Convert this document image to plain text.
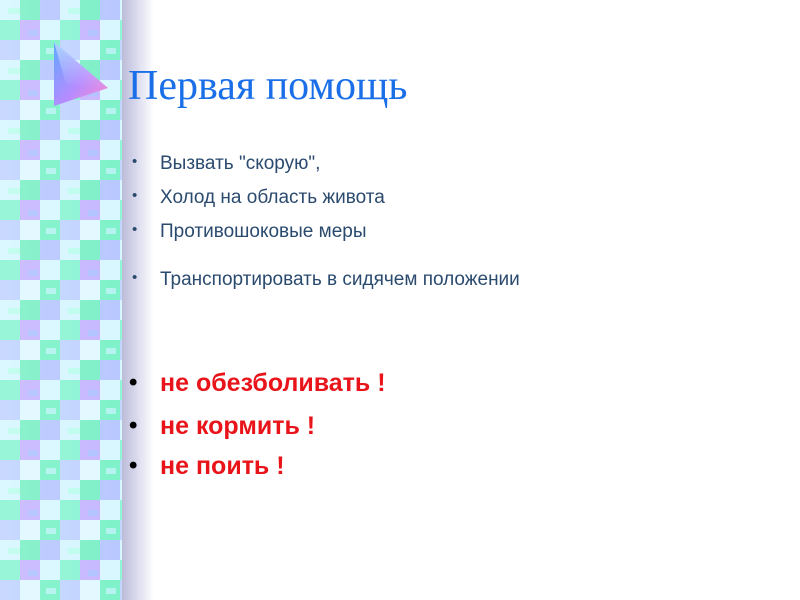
Первая помощь
• Вызвать "скорую",
• Холод на область живота
• Противошоковые меры
• Транспортировать в сидячем положении
• не обезболивать !
• не кормить !
• не поить !
